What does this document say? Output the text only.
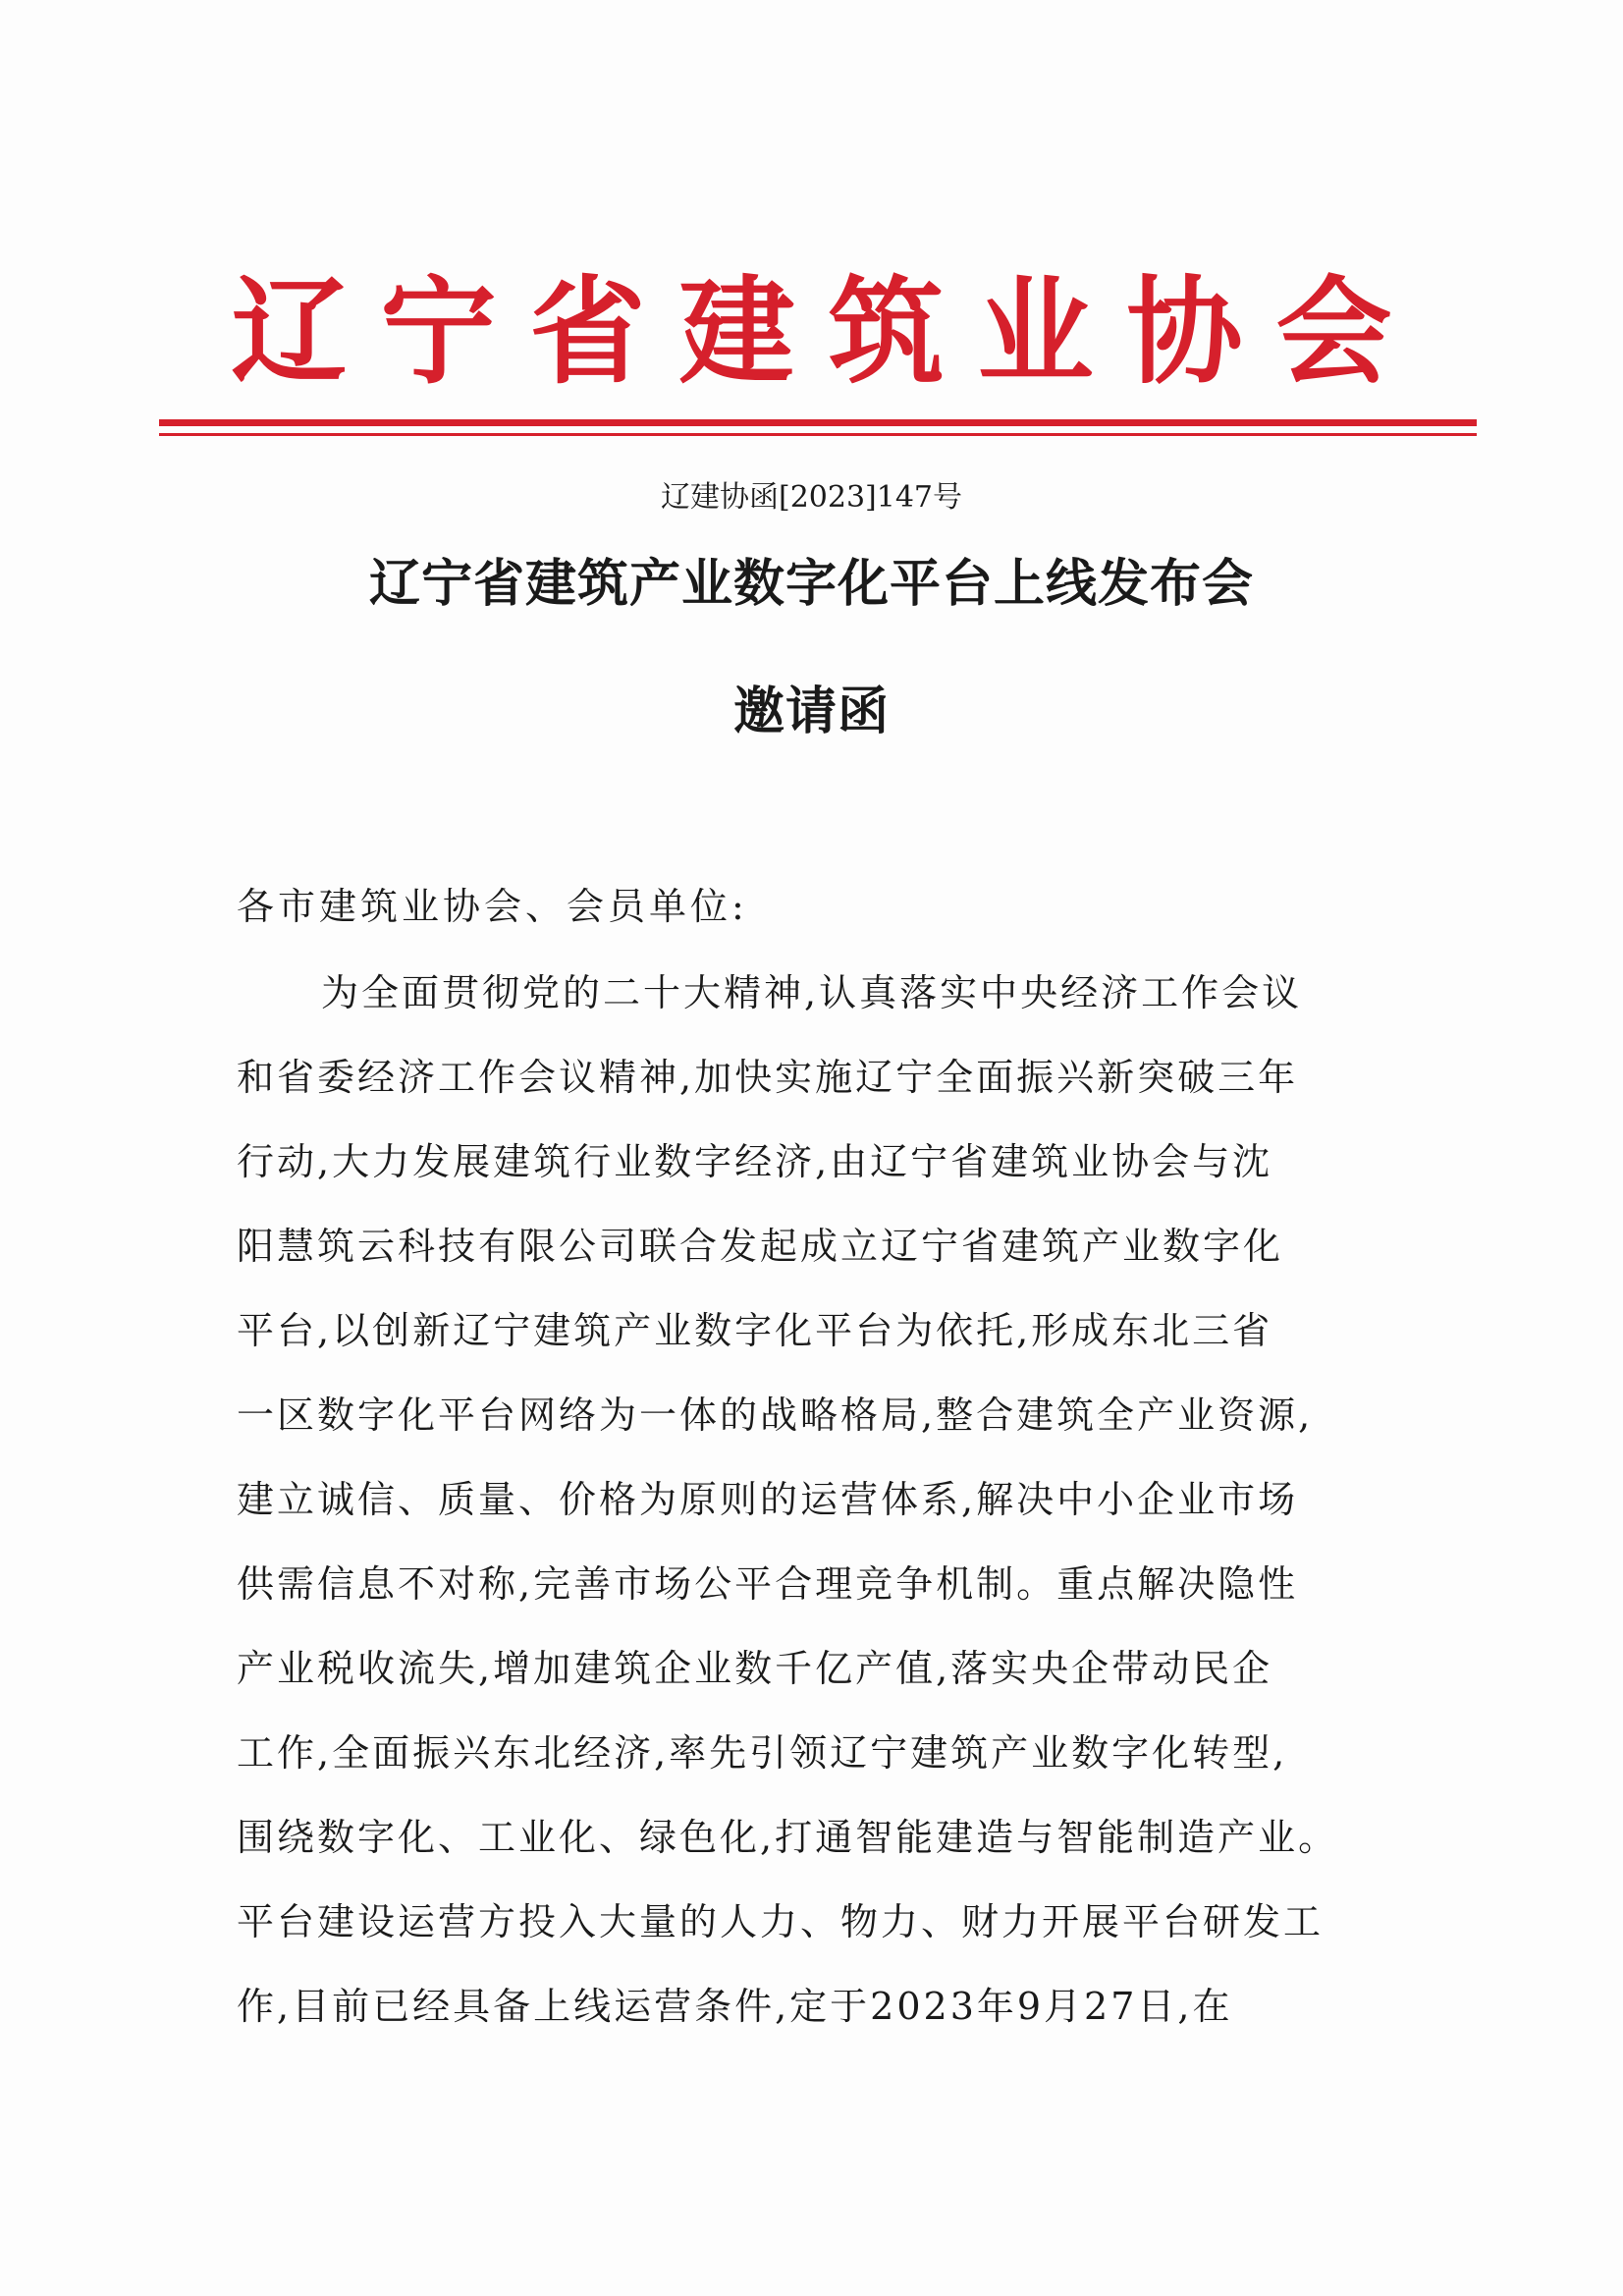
辽宁省建筑业协会
辽建协函[2023]147号
辽宁省建筑产业数字化平台上线发布会
邀请函
各市建筑业协会、会员单位:
为全面贯彻党的二十大精神,认真落实中央经济工作会议
和省委经济工作会议精神,加快实施辽宁全面振兴新突破三年
行动,大力发展建筑行业数字经济,由辽宁省建筑业协会与沈
阳慧筑云科技有限公司联合发起成立辽宁省建筑产业数字化
平台,以创新辽宁建筑产业数字化平台为依托,形成东北三省
一区数字化平台网络为一体的战略格局,整合建筑全产业资源,
建立诚信、质量、价格为原则的运营体系,解决中小企业市场
供需信息不对称,完善市场公平合理竞争机制。重点解决隐性
产业税收流失,增加建筑企业数千亿产值,落实央企带动民企
工作,全面振兴东北经济,率先引领辽宁建筑产业数字化转型,
围绕数字化、工业化、绿色化,打通智能建造与智能制造产业。
平台建设运营方投入大量的人力、物力、财力开展平台研发工
作,目前已经具备上线运营条件,定于2023年9月27日,在
